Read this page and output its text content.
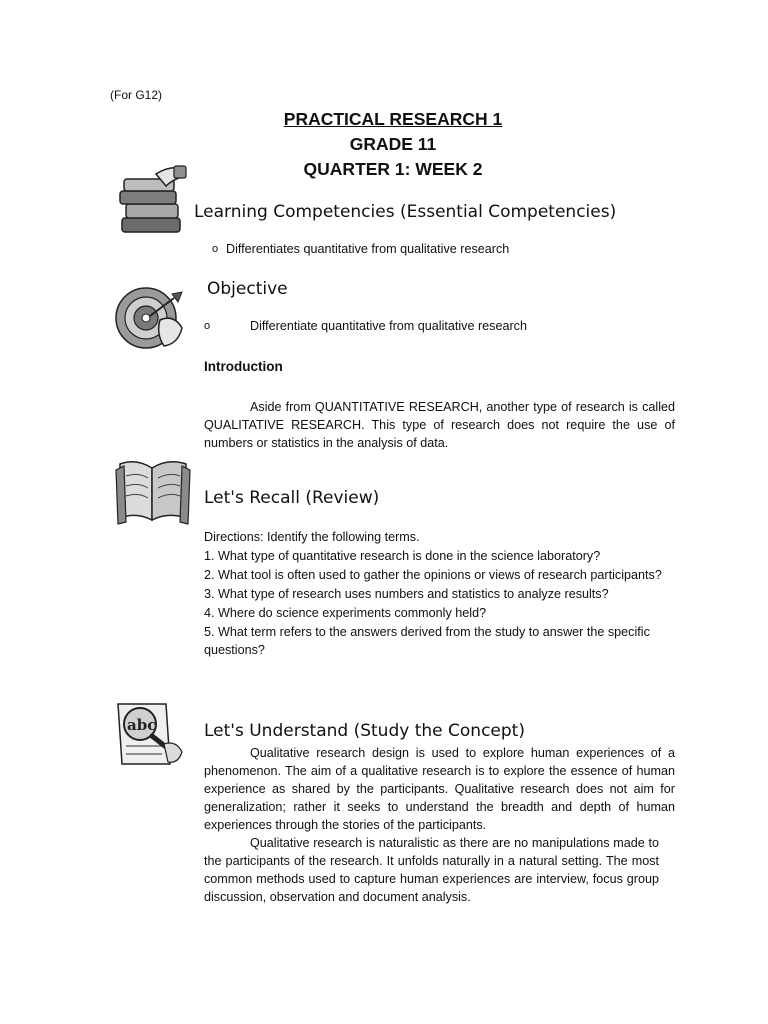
(For G12)
PRACTICAL RESEARCH 1
GRADE 11
QUARTER 1: WEEK 2
Learning Competencies (Essential Competencies)
o Differentiates quantitative from qualitative research
Objective
o	Differentiate quantitative from qualitative research
Introduction
Aside from QUANTITATIVE RESEARCH, another type of research is called QUALITATIVE RESEARCH. This type of research does not require the use of numbers or statistics in the analysis of data.
Let's Recall (Review)

Directions: Identify the following terms.

1. What type of quantitative research is done in the science laboratory?

2. What tool is often used to gather the opinions or views of research participants?

3. What type of research uses numbers and statistics to analyze results?

4. Where do science experiments commonly held?

5. What term refers to the answers derived from the study to answer the specific questions?

abc	Let's Understand (Study the Concept)
Qualitative research design is used to explore human experiences of a phenomenon. The aim of a qualitative research is to explore the essence of human experience as shared by the participants. Qualitative research does not aim for generalization; rather it seeks to understand the breadth and depth of human experiences through the stories of the participants.
Qualitative research is naturalistic as there are no manipulations made to the participants of the research. It unfolds naturally in a natural setting. The most common methods used to capture human experiences are interview, focus group discussion, observation and document analysis.
